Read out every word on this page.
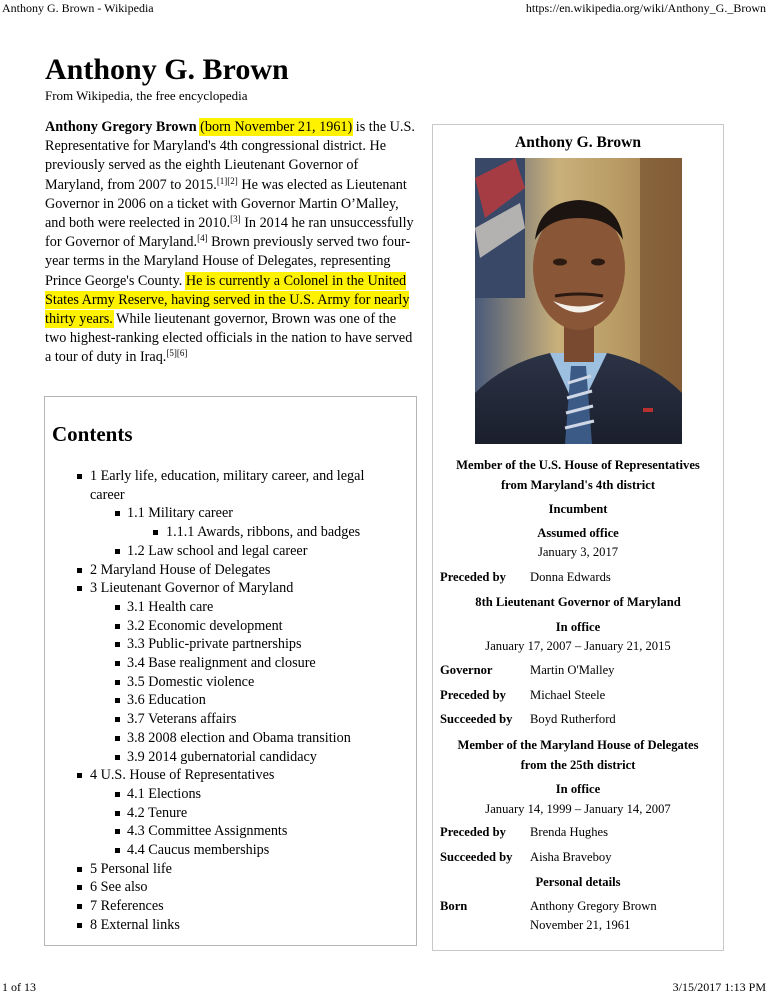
Anthony G. Brown - Wikipedia	https://en.wikipedia.org/wiki/Anthony_G._Brown
1 of 13	3/15/2017 1:13 PM
Anthony G. Brown
From Wikipedia, the free encyclopedia
Anthony Gregory Brown (born November 21, 1961) is the U.S. Representative for Maryland's 4th congressional district. He previously served as the eighth Lieutenant Governor of Maryland, from 2007 to 2015.[1][2] He was elected as Lieutenant Governor in 2006 on a ticket with Governor Martin O’Malley, and both were reelected in 2010.[3] In 2014 he ran unsuccessfully for Governor of Maryland.[4] Brown previously served two four-year terms in the Maryland House of Delegates, representing Prince George's County. He is currently a Colonel in the United States Army Reserve, having served in the U.S. Army for nearly thirty years. While lieutenant governor, Brown was one of the two highest-ranking elected officials in the nation to have served a tour of duty in Iraq.[5][6]
Contents
1 Early life, education, military career, and legal career
1.1 Military career
1.1.1 Awards, ribbons, and badges
1.2 Law school and legal career
2 Maryland House of Delegates
3 Lieutenant Governor of Maryland
3.1 Health care
3.2 Economic development
3.3 Public-private partnerships
3.4 Base realignment and closure
3.5 Domestic violence
3.6 Education
3.7 Veterans affairs
3.8 2008 election and Obama transition
3.9 2014 gubernatorial candidacy
4 U.S. House of Representatives
4.1 Elections
4.2 Tenure
4.3 Committee Assignments
4.4 Caucus memberships
5 Personal life
6 See also
7 References
8 External links
Anthony G. Brown
Member of the U.S. House of Representatives
from Maryland's 4th district
Incumbent
Assumed office
January 3, 2017
Preceded by Donna Edwards
8th Lieutenant Governor of Maryland
In office
January 17, 2007 – January 21, 2015
Governor	Martin O'Malley
Preceded by Michael Steele
Succeeded by Boyd Rutherford
Member of the Maryland House of Delegates
from the 25th district
In office
January 14, 1999 – January 14, 2007
Preceded by Brenda Hughes
Succeeded by Aisha Braveboy
Personal details
Born	Anthony Gregory Brown
November 21, 1961
